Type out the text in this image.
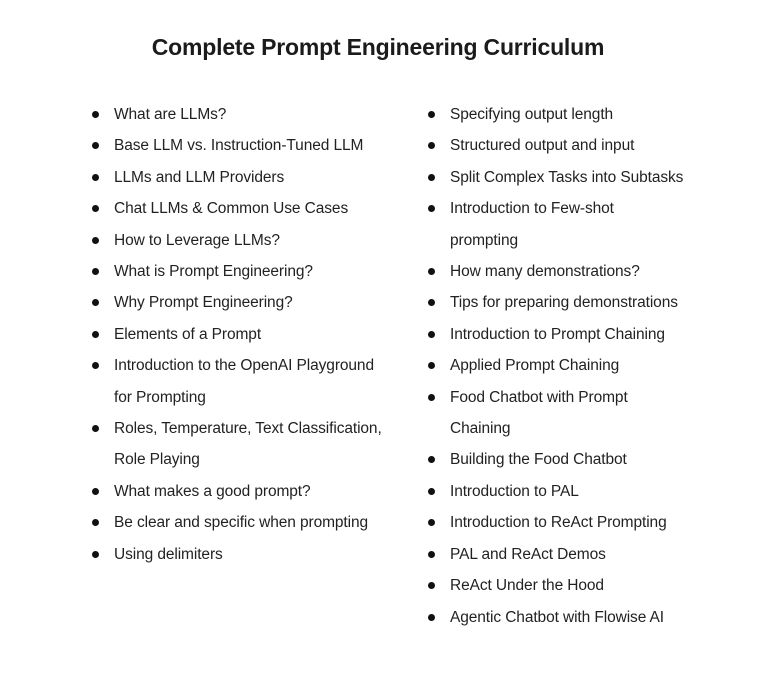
Complete Prompt Engineering Curriculum
What are LLMs?
Base LLM vs. Instruction-Tuned LLM
LLMs and LLM Providers
Chat LLMs & Common Use Cases
How to Leverage LLMs?
What is Prompt Engineering?
Why Prompt Engineering?
Elements of a Prompt
Introduction to the OpenAI Playground for Prompting
Roles, Temperature, Text Classification, Role Playing
What makes a good prompt?
Be clear and specific when prompting
Using delimiters
Specifying output length
Structured output and input
Split Complex Tasks into Subtasks
Introduction to Few-shot prompting
How many demonstrations?
Tips for preparing demonstrations
Introduction to Prompt Chaining
Applied Prompt Chaining
Food Chatbot with Prompt Chaining
Building the Food Chatbot
Introduction to PAL
Introduction to ReAct Prompting
PAL and ReAct Demos
ReAct Under the Hood
Agentic Chatbot with Flowise AI
